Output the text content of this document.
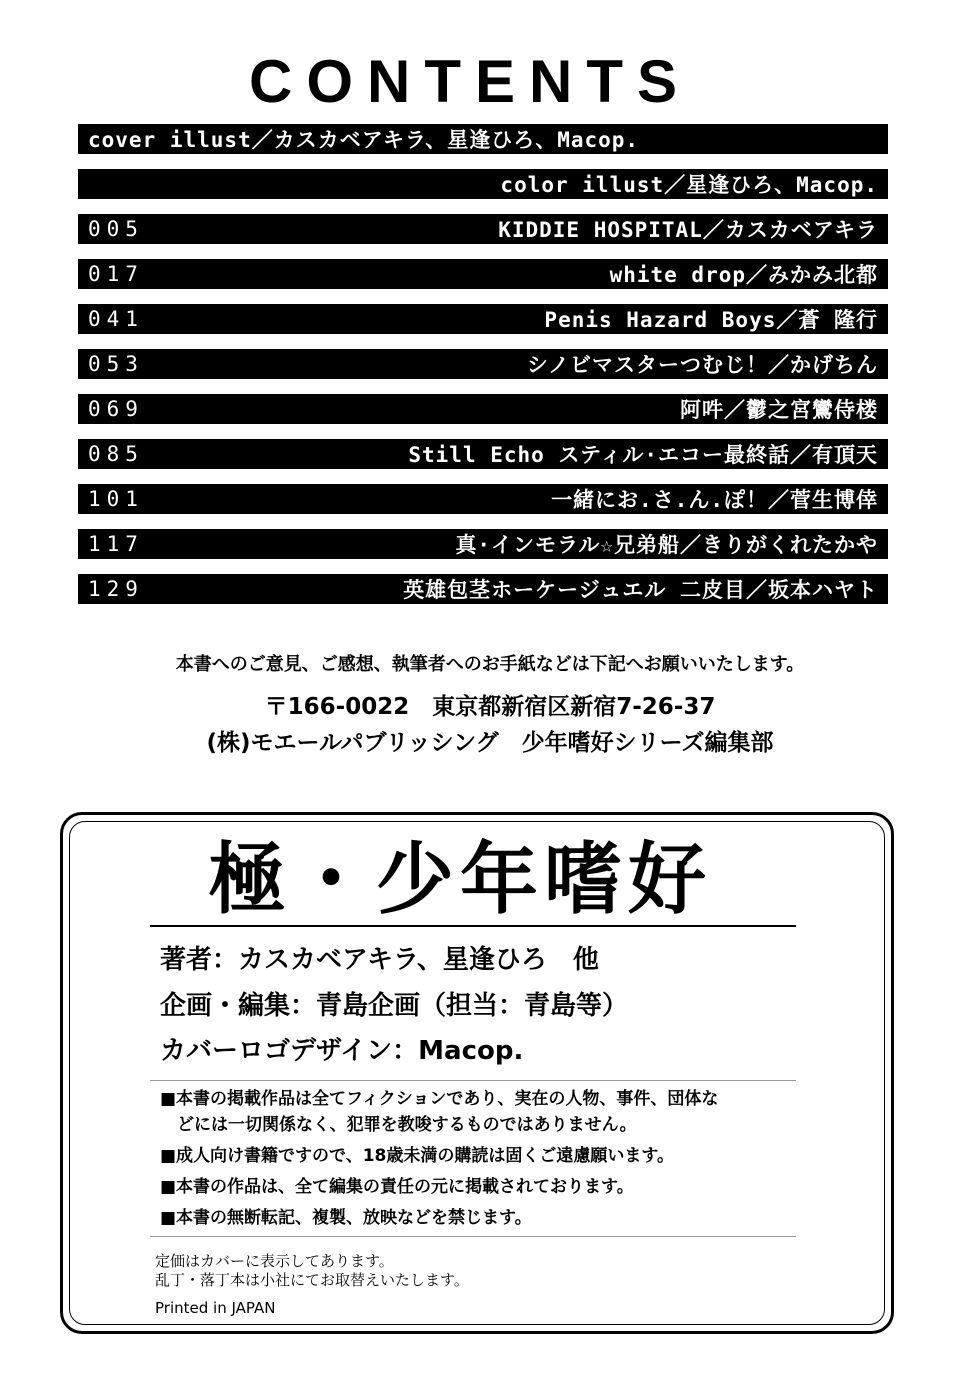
CONTENTS
cover illust／カスカベアキラ、星逢ひろ、Macop.
color illust／星逢ひろ、Macop.
005	KIDDIE HOSPITAL／カスカベアキラ
017	white drop／みかみ北都
041	Penis Hazard Boys／蒼 隆行
053	シノビマスターつむじ！／かげちん
069	阿吽／鬱之宮鸞侍楼
085	Still Echo スティル·エコー最終話／有頂天
101	一緒にお.さ.ん.ぽ！／菅生博倖
117	真·インモラル☆兄弟船／きりがくれたかや
129	英雄包茎ホーケージュエル 二皮目／坂本ハヤト
本書へのご意見、ご感想、執筆者へのお手紙などは下記へお願いいたします。
〒166-0022　東京都新宿区新宿7-26-37
(株)モエールパブリッシング　少年嗜好シリーズ編集部
極・少年嗜好
著者：カスカベアキラ、星逢ひろ　他
企画・編集：青島企画（担当：青島等）
カバーロゴデザイン：Macop.
■本書の掲載作品は全てフィクションであり、実在の人物、事件、団体な
　どには一切関係なく、犯罪を教唆するものではありません。
■成人向け書籍ですので、18歳未満の購読は固くご遠慮願います。
■本書の作品は、全て編集の責任の元に掲載されております。
■本書の無断転記、複製、放映などを禁じます。
定価はカバーに表示してあります。
乱丁・落丁本は小社にてお取替えいたします。
Printed in JAPAN
